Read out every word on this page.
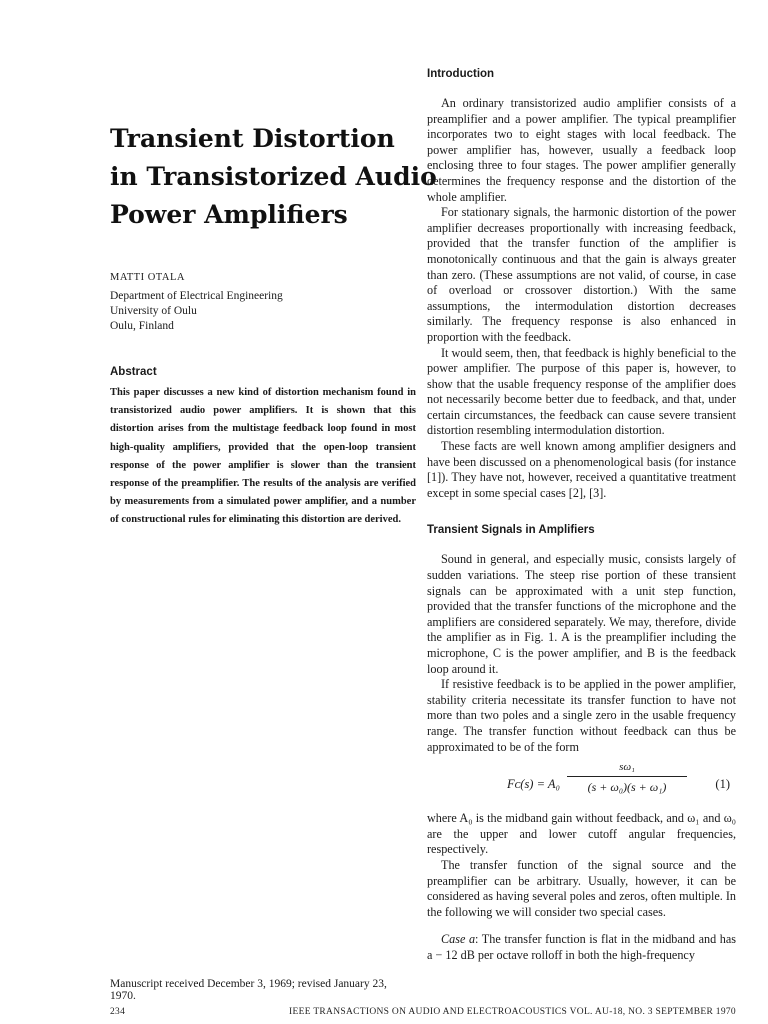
Transient Distortion
in Transistorized Audio
Power Amplifiers
MATTI OTALA
Department of Electrical Engineering
University of Oulu
Oulu, Finland
Abstract

This paper discusses a new kind of distortion mechanism found in transistorized audio power amplifiers. It is shown that this distortion arises from the multistage feedback loop found in most high-quality amplifiers, provided that the open-loop transient response of the power amplifier is slower than the transient response of the preamplifier. The results of the analysis are verified by measurements from a simulated power amplifier, and a number of constructional rules for eliminating this distortion are derived.

Manuscript received December 3, 1969; revised January 23, 1970.
Introduction

An ordinary transistorized audio amplifier consists of a preamplifier and a power amplifier. The typical preamplifier incorporates two to eight stages with local feedback. The power amplifier has, however, usually a feedback loop enclosing three to four stages. The power amplifier generally determines the frequency response and the distortion of the whole amplifier.

For stationary signals, the harmonic distortion of the power amplifier decreases proportionally with increasing feedback, provided that the transfer function of the amplifier is monotonically continuous and that the gain is always greater than zero. (These assumptions are not valid, of course, in case of overload or crossover distortion.) With the same assumptions, the intermodulation distortion decreases similarly. The frequency response is also enhanced in proportion with the feedback.

It would seem, then, that feedback is highly beneficial to the power amplifier. The purpose of this paper is, however, to show that the usable frequency response of the amplifier does not necessarily become better due to feedback, and that, under certain circumstances, the feedback can cause severe transient distortion resembling intermodulation distortion.

These facts are well known among amplifier designers and have been discussed on a phenomenological basis (for instance [1]). They have not, however, received a quantitative treatment except in some special cases [2], [3].

Transient Signals in Amplifiers

Sound in general, and especially music, consists largely of sudden variations. The steep rise portion of these transient signals can be approximated with a unit step function, provided that the transfer functions of the microphone and the amplifiers are considered separately. We may, therefore, divide the amplifier as in Fig. 1. A is the preamplifier including the microphone, C is the power amplifier, and B is the feedback loop around it.

If resistive feedback is to be applied in the power amplifier, stability criteria necessitate its transfer function to have not more than two poles and a single zero in the usable frequency range. The transfer function without feedback can thus be approximated to be of the form

Fᴄ(s) = A₀
sω₁
(s + ω₀)(s + ω₁)	(1)

where A₀ is the midband gain without feedback, and ω₁ and ω₀ are the upper and lower cutoff angular frequencies, respectively.

The transfer function of the signal source and the preamplifier can be arbitrary. Usually, however, it can be considered as having several poles and zeros, often multiple. In the following we will consider two special cases.

Case a: The transfer function is flat in the midband and has a − 12 dB per octave rolloff in both the high-frequency

234	IEEE TRANSACTIONS ON AUDIO AND ELECTROACOUSTICS VOL. AU-18, NO. 3 SEPTEMBER 1970
